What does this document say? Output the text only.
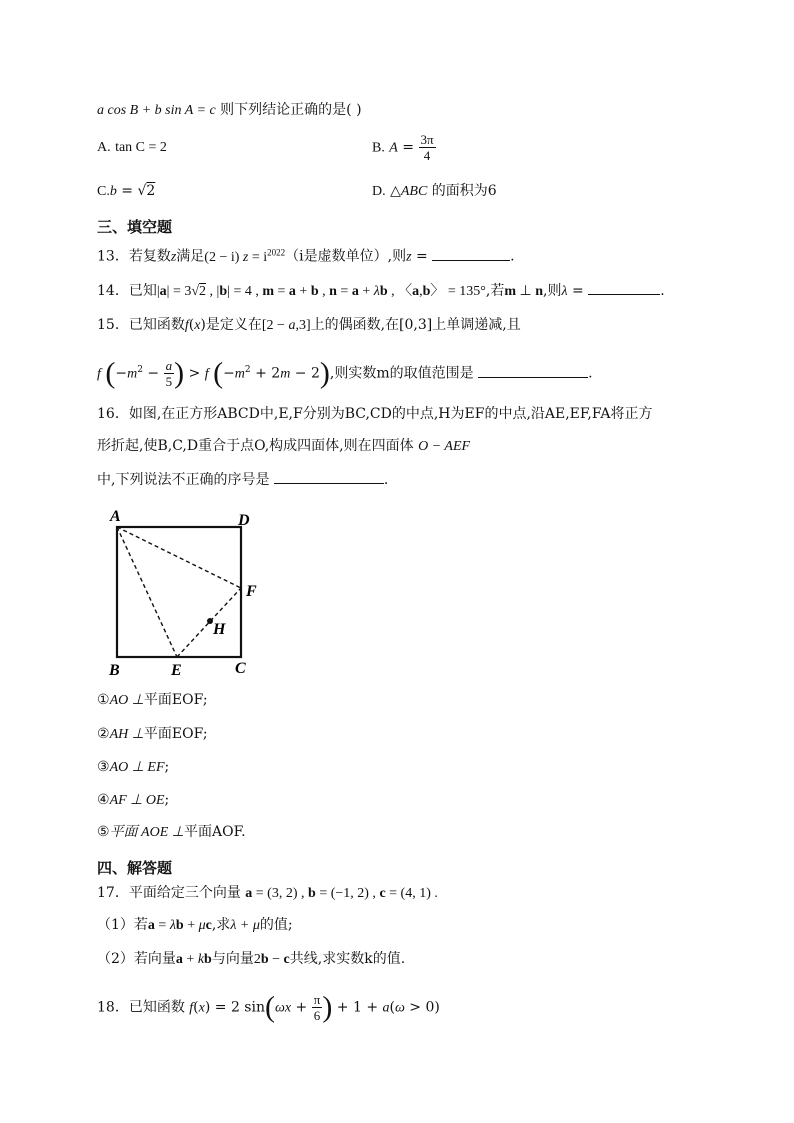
a cos B + b sin A = c 则下列结论正确的是( )
A. tan C = 2	B. $A = \frac{3\pi}{4}$
C.b = √2	D. △ABC 的面积为6
三、填空题
13．若复数z满足(2 − i) $z = i^{2022}(i$是虚数单位）,则z =	.
14．已知|a| = 3√2 , |b| = 4 , m = a + b , n = a + λb , 〈a,b〉 = 135°,若m ⊥ n,则λ =	.
15．已知函数f(x)是定义在[2 − a,3]上的偶函数,在[0,3]上单调递减,且
f ($-m^2 - \frac{a}{5}$ ) > f $(-m^2 + 2m - 2)$,则实数m的取值范围是	.
16．如图,在正方形ABCD中,E,F分别为BC,CD的中点,H为EF的中点,沿AE,EF,FA将正方
形折起,使B,C,D重合于点O,构成四面体,则在四面体 O − AEF
中,下列说法不正确的序号是	.
A	D
F
H
B	E	C
①AO ⊥平面EOF;
②AH ⊥平面EOF;
③AO ⊥ EF;
④AF ⊥ OE;
⑤平面 AOE ⊥平面AOF.
四、解答题
17．平面给定三个向量 a = (3, 2) , b = (−1, 2) , c = (4, 1) .
（1）若a = λb + μc,求λ + μ的值;
（2）若向量a + kb与向量2b − c共线,求实数k的值.
18．已知函数 f(x) = 2 $\sin(\omega x + \frac{\pi}{6}$ ) + 1 + a(ω > 0)
